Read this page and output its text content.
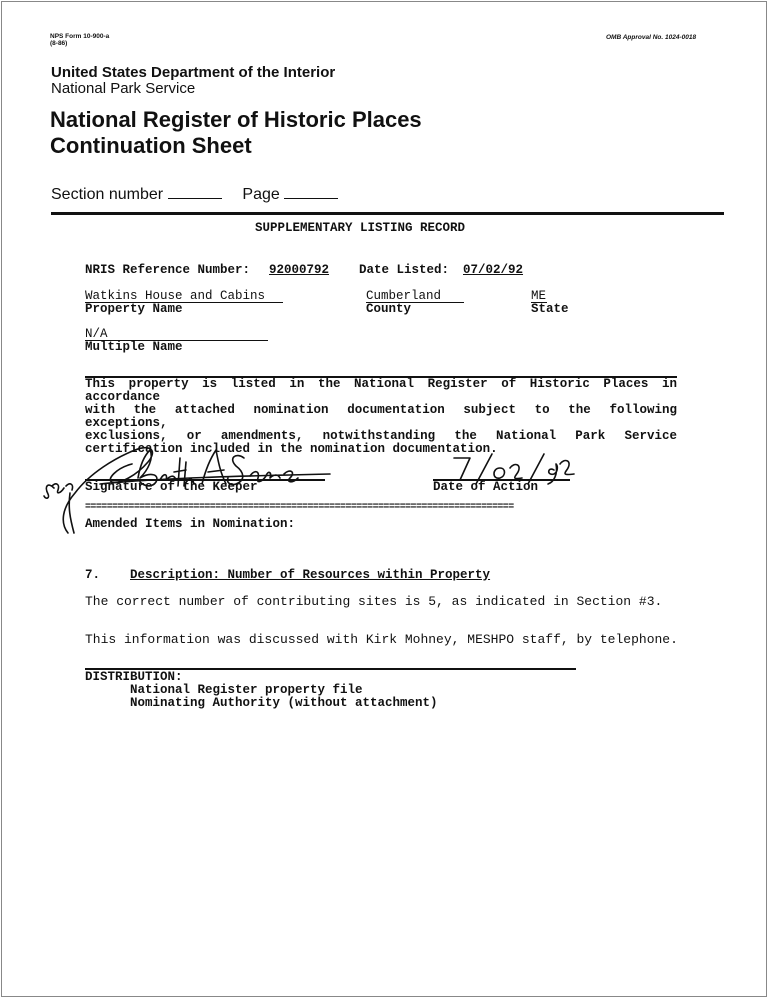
NPS Form 10-900-a
(8-86)
OMB Approval No. 1024-0018
United States Department of the Interior
National Park Service
National Register of Historic Places
Continuation Sheet
Section number	Page
SUPPLEMENTARY LISTING RECORD
NRIS Reference Number: 92000792 Date Listed: 07/02/92
Watkins House and Cabins
Property Name
Cumberland
County
ME
State
N/A
Multiple Name
This property is listed in the National Register of Historic Places in accordance
with the attached nomination documentation subject to the following exceptions,
exclusions, or amendments, notwithstanding the National Park Service
certification included in the nomination documentation.
Signature of the Keeper	Date of Action
===============================================================================
Amended Items in Nomination:
7. Description: Number of Resources within Property
The correct number of contributing sites is 5, as indicated in Section #3.
This information was discussed with Kirk Mohney, MESHPO staff, by telephone.
DISTRIBUTION:
National Register property file
Nominating Authority (without attachment)
